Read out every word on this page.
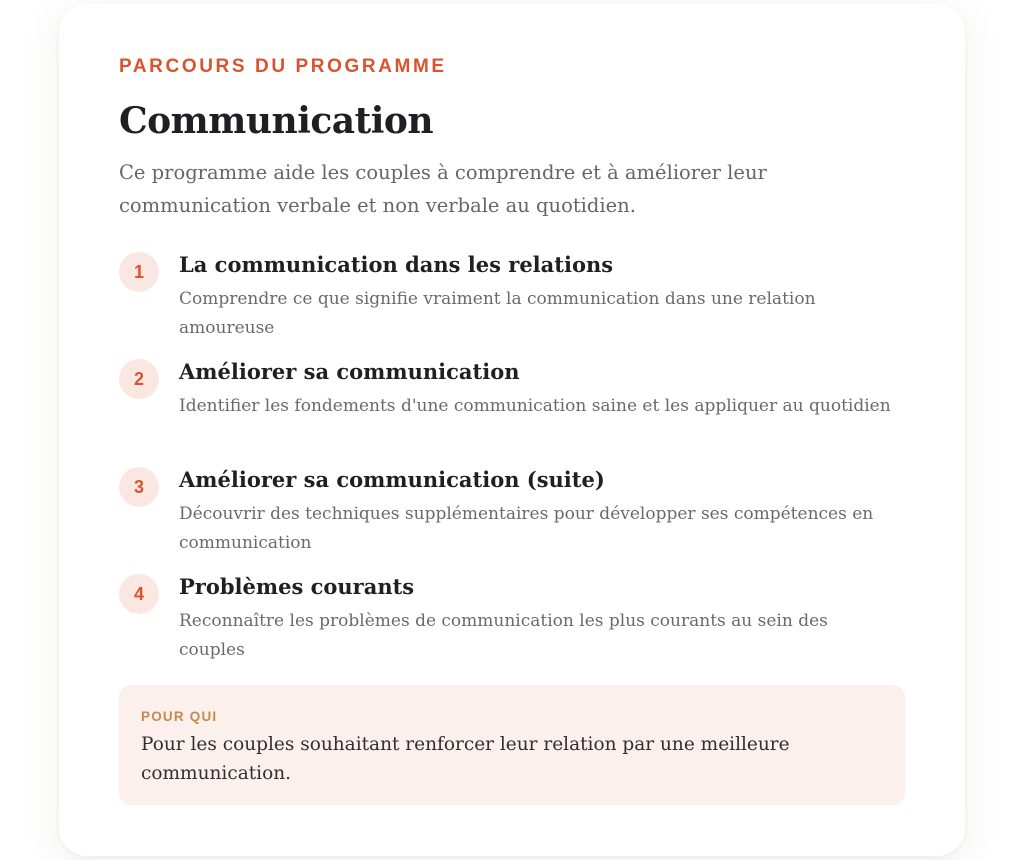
PARCOURS DU PROGRAMME
Communication

Ce programme aide les couples à comprendre et à améliorer leur communication verbale et non verbale au quotidien.

1	La communication dans les relations
Comprendre ce que signifie vraiment la communication dans une relation amoureuse
2	Améliorer sa communication
Identifier les fondements d'une communication saine et les appliquer au quotidien
3	Améliorer sa communication (suite)
Découvrir des techniques supplémentaires pour développer ses compétences en communication
4	Problèmes courants
Reconnaître les problèmes de communication les plus courants au sein des couples
POUR QUI
Pour les couples souhaitant renforcer leur relation par une meilleure communication.
